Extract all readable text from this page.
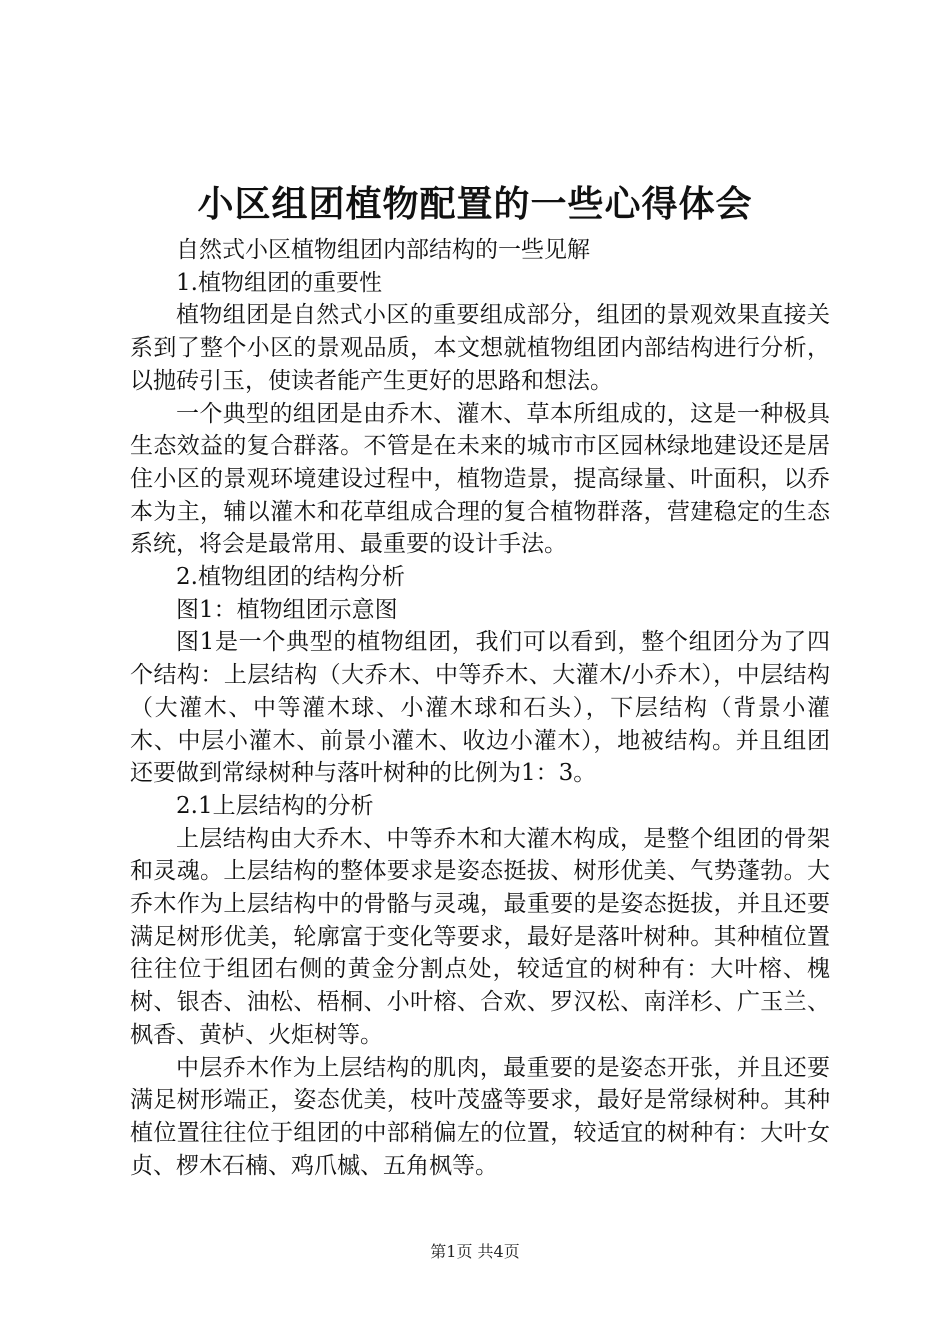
小区组团植物配置的一些心得体会

自然式小区植物组团内部结构的一些见解

1.植物组团的重要性

植物组团是自然式小区的重要组成部分，组团的景观效果直接关系到了整个小区的景观品质，本文想就植物组团内部结构进行分析，以抛砖引玉，使读者能产生更好的思路和想法。

一个典型的组团是由乔木、灌木、草本所组成的，这是一种极具生态效益的复合群落。不管是在未来的城市市区园林绿地建设还是居住小区的景观环境建设过程中，植物造景，提高绿量、叶面积，以乔本为主，辅以灌木和花草组成合理的复合植物群落，营建稳定的生态系统，将会是最常用、最重要的设计手法。

2.植物组团的结构分析

图1：植物组团示意图

图1是一个典型的植物组团，我们可以看到，整个组团分为了四个结构：上层结构（大乔木、中等乔木、大灌木/小乔木），中层结构（大灌木、中等灌木球、小灌木球和石头），下层结构（背景小灌木、中层小灌木、前景小灌木、收边小灌木），地被结构。并且组团还要做到常绿树种与落叶树种的比例为1：3。

2.1上层结构的分析

上层结构由大乔木、中等乔木和大灌木构成，是整个组团的骨架和灵魂。上层结构的整体要求是姿态挺拔、树形优美、气势蓬勃。大乔木作为上层结构中的骨骼与灵魂，最重要的是姿态挺拔，并且还要满足树形优美，轮廓富于变化等要求，最好是落叶树种。其种植位置往往位于组团右侧的黄金分割点处，较适宜的树种有：大叶榕、槐树、银杏、油松、梧桐、小叶榕、合欢、罗汉松、南洋杉、广玉兰、枫香、黄栌、火炬树等。

中层乔木作为上层结构的肌肉，最重要的是姿态开张，并且还要满足树形端正，姿态优美，枝叶茂盛等要求，最好是常绿树种。其种植位置往往位于组团的中部稍偏左的位置，较适宜的树种有：大叶女贞、椤木石楠、鸡爪槭、五角枫等。

第1页 共4页
